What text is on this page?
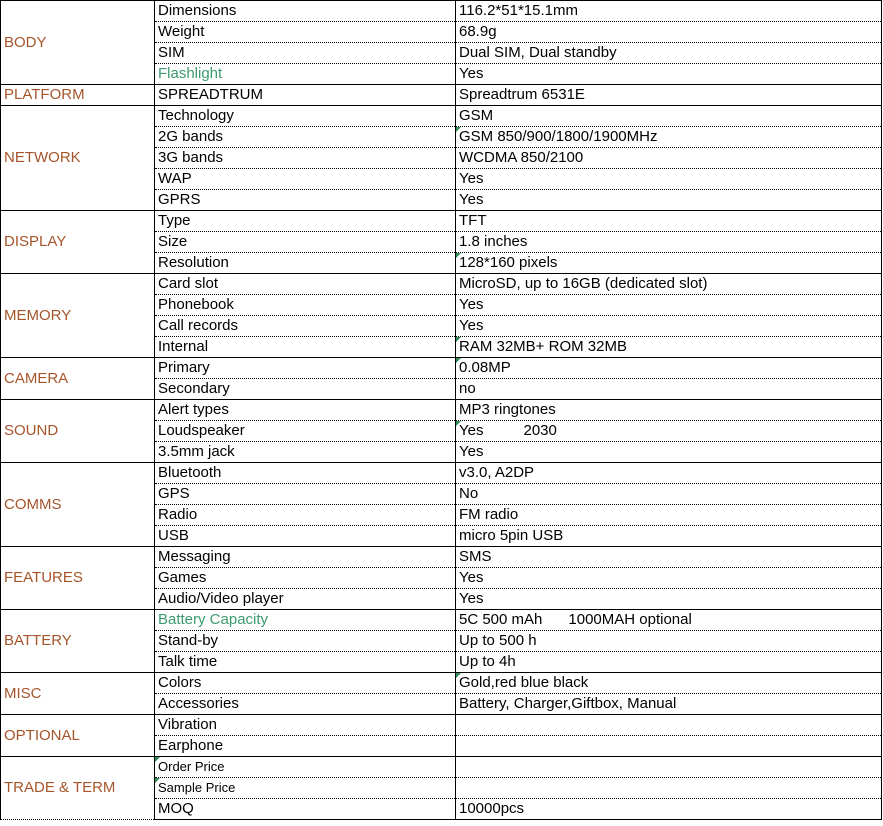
BODY	Dimensions	116.2*51*15.1mm
	Weight	68.9g
	SIM	Dual SIM, Dual standby
	Flashlight	Yes
PLATFORM	SPREADTRUM	Spreadtrum 6531E
NETWORK	Technology	GSM
	2G bands	GSM 850/900/1800/1900MHz
	3G bands	WCDMA 850/2100
	WAP	Yes
	GPRS	Yes
DISPLAY	Type	TFT
	Size	1.8 inches
	Resolution	128*160 pixels
MEMORY	Card slot	MicroSD, up to 16GB (dedicated slot)
	Phonebook	Yes
	Call records	Yes
	Internal	RAM 32MB+ ROM 32MB
CAMERA	Primary	0.08MP
	Secondary	no
SOUND	Alert types	MP3 ringtones
	Loudspeaker	Yes 2030
	3.5mm jack	Yes
COMMS	Bluetooth	v3.0, A2DP
	GPS	No
	Radio	FM radio
	USB	micro 5pin USB
FEATURES	Messaging	SMS
	Games	Yes
	Audio/Video player	Yes
BATTERY	Battery Capacity	5C 500 mAh 1000MAH optional
	Stand-by	Up to 500 h
	Talk time	Up to 4h
MISC	Colors	Gold,red blue black
	Accessories	Battery, Charger,Giftbox, Manual
OPTIONAL	Vibration	
	Earphone	
TRADE & TERM	Order Price	
	Sample Price	
	MOQ	10000pcs
